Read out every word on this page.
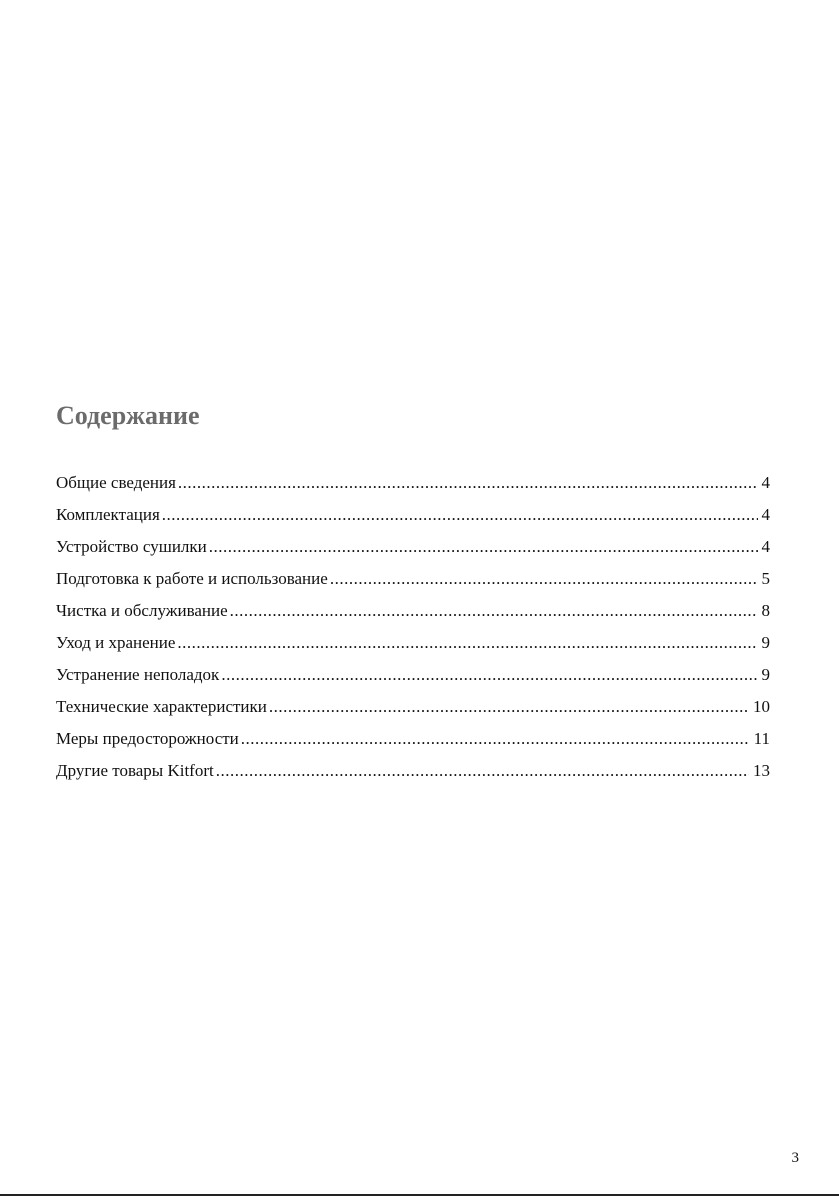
Содержание
Общие сведения .....	4
Комплектация .....	4
Устройство сушилки .....	4
Подготовка к работе и использование .....	5
Чистка и обслуживание .....	8
Уход и хранение .....	9
Устранение неполадок .....	9
Технические характеристики .....	10
Меры предосторожности .....	11
Другие товары Kitfort .....	13
3
